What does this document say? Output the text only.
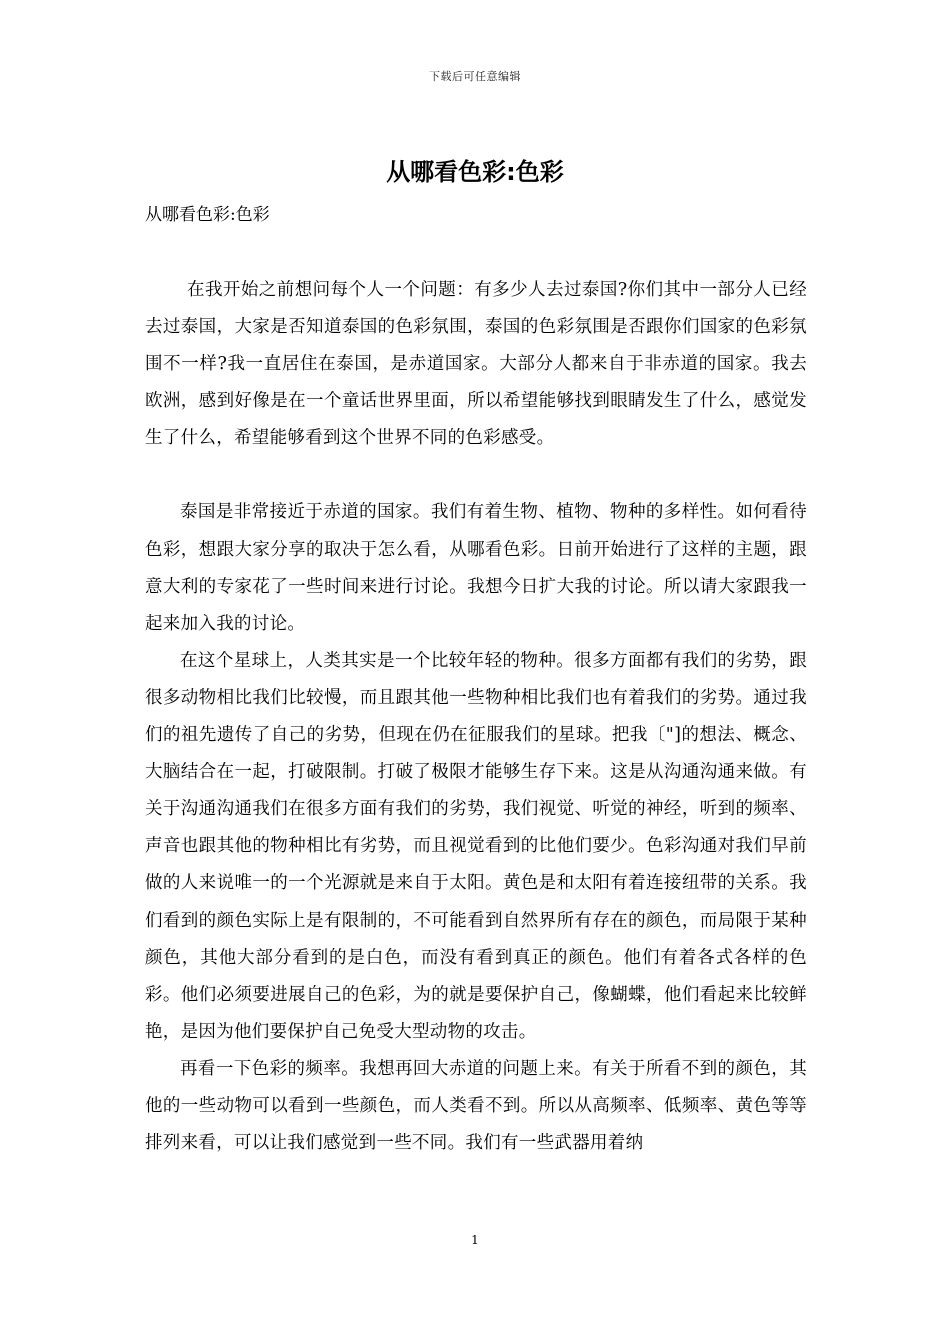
下载后可任意编辑
从哪看色彩:色彩
从哪看色彩:色彩

在我开始之前想问每个人一个问题：有多少人去过泰国?你们其中一部分人已经去过泰国，大家是否知道泰国的色彩氛围，泰国的色彩氛围是否跟你们国家的色彩氛围不一样?我一直居住在泰国，是赤道国家。大部分人都来自于非赤道的国家。我去欧洲，感到好像是在一个童话世界里面，所以希望能够找到眼睛发生了什么，感觉发生了什么，希望能够看到这个世界不同的色彩感受。

泰国是非常接近于赤道的国家。我们有着生物、植物、物种的多样性。如何看待色彩，想跟大家分享的取决于怎么看，从哪看色彩。日前开始进行了这样的主题，跟意大利的专家花了一些时间来进行讨论。我想今日扩大我的讨论。所以请大家跟我一起来加入我的讨论。

在这个星球上，人类其实是一个比较年轻的物种。很多方面都有我们的劣势，跟很多动物相比我们比较慢，而且跟其他一些物种相比我们也有着我们的劣势。通过我们的祖先遗传了自己的劣势，但现在仍在征服我们的星球。把我〔"]的想法、概念、大脑结合在一起，打破限制。打破了极限才能够生存下来。这是从沟通沟通来做。有关于沟通沟通我们在很多方面有我们的劣势，我们视觉、听觉的神经，听到的频率、声音也跟其他的物种相比有劣势，而且视觉看到的比他们要少。色彩沟通对我们早前做的人来说唯一的一个光源就是来自于太阳。黄色是和太阳有着连接纽带的关系。我们看到的颜色实际上是有限制的，不可能看到自然界所有存在的颜色，而局限于某种颜色，其他大部分看到的是白色，而没有看到真正的颜色。他们有着各式各样的色彩。他们必须要进展自己的色彩，为的就是要保护自己，像蝴蝶，他们看起来比较鲜艳，是因为他们要保护自己免受大型动物的攻击。

再看一下色彩的频率。我想再回大赤道的问题上来。有关于所看不到的颜色，其他的一些动物可以看到一些颜色，而人类看不到。所以从高频率、低频率、黄色等等排列来看，可以让我们感觉到一些不同。我们有一些武器用着纳

1
